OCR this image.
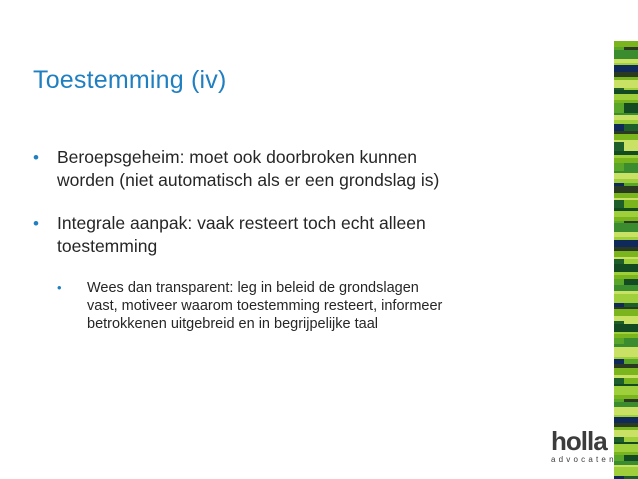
Toestemming (iv)
• Beroepsgeheim: moet ook doorbroken kunnen worden (niet automatisch als er een grondslag is)
• Integrale aanpak: vaak resteert toch echt alleen toestemming
• Wees dan transparent: leg in beleid de grondslagen vast, motiveer waarom toestemming resteert, informeer betrokkenen uitgebreid en in begrijpelijke taal
holla
advocaten
